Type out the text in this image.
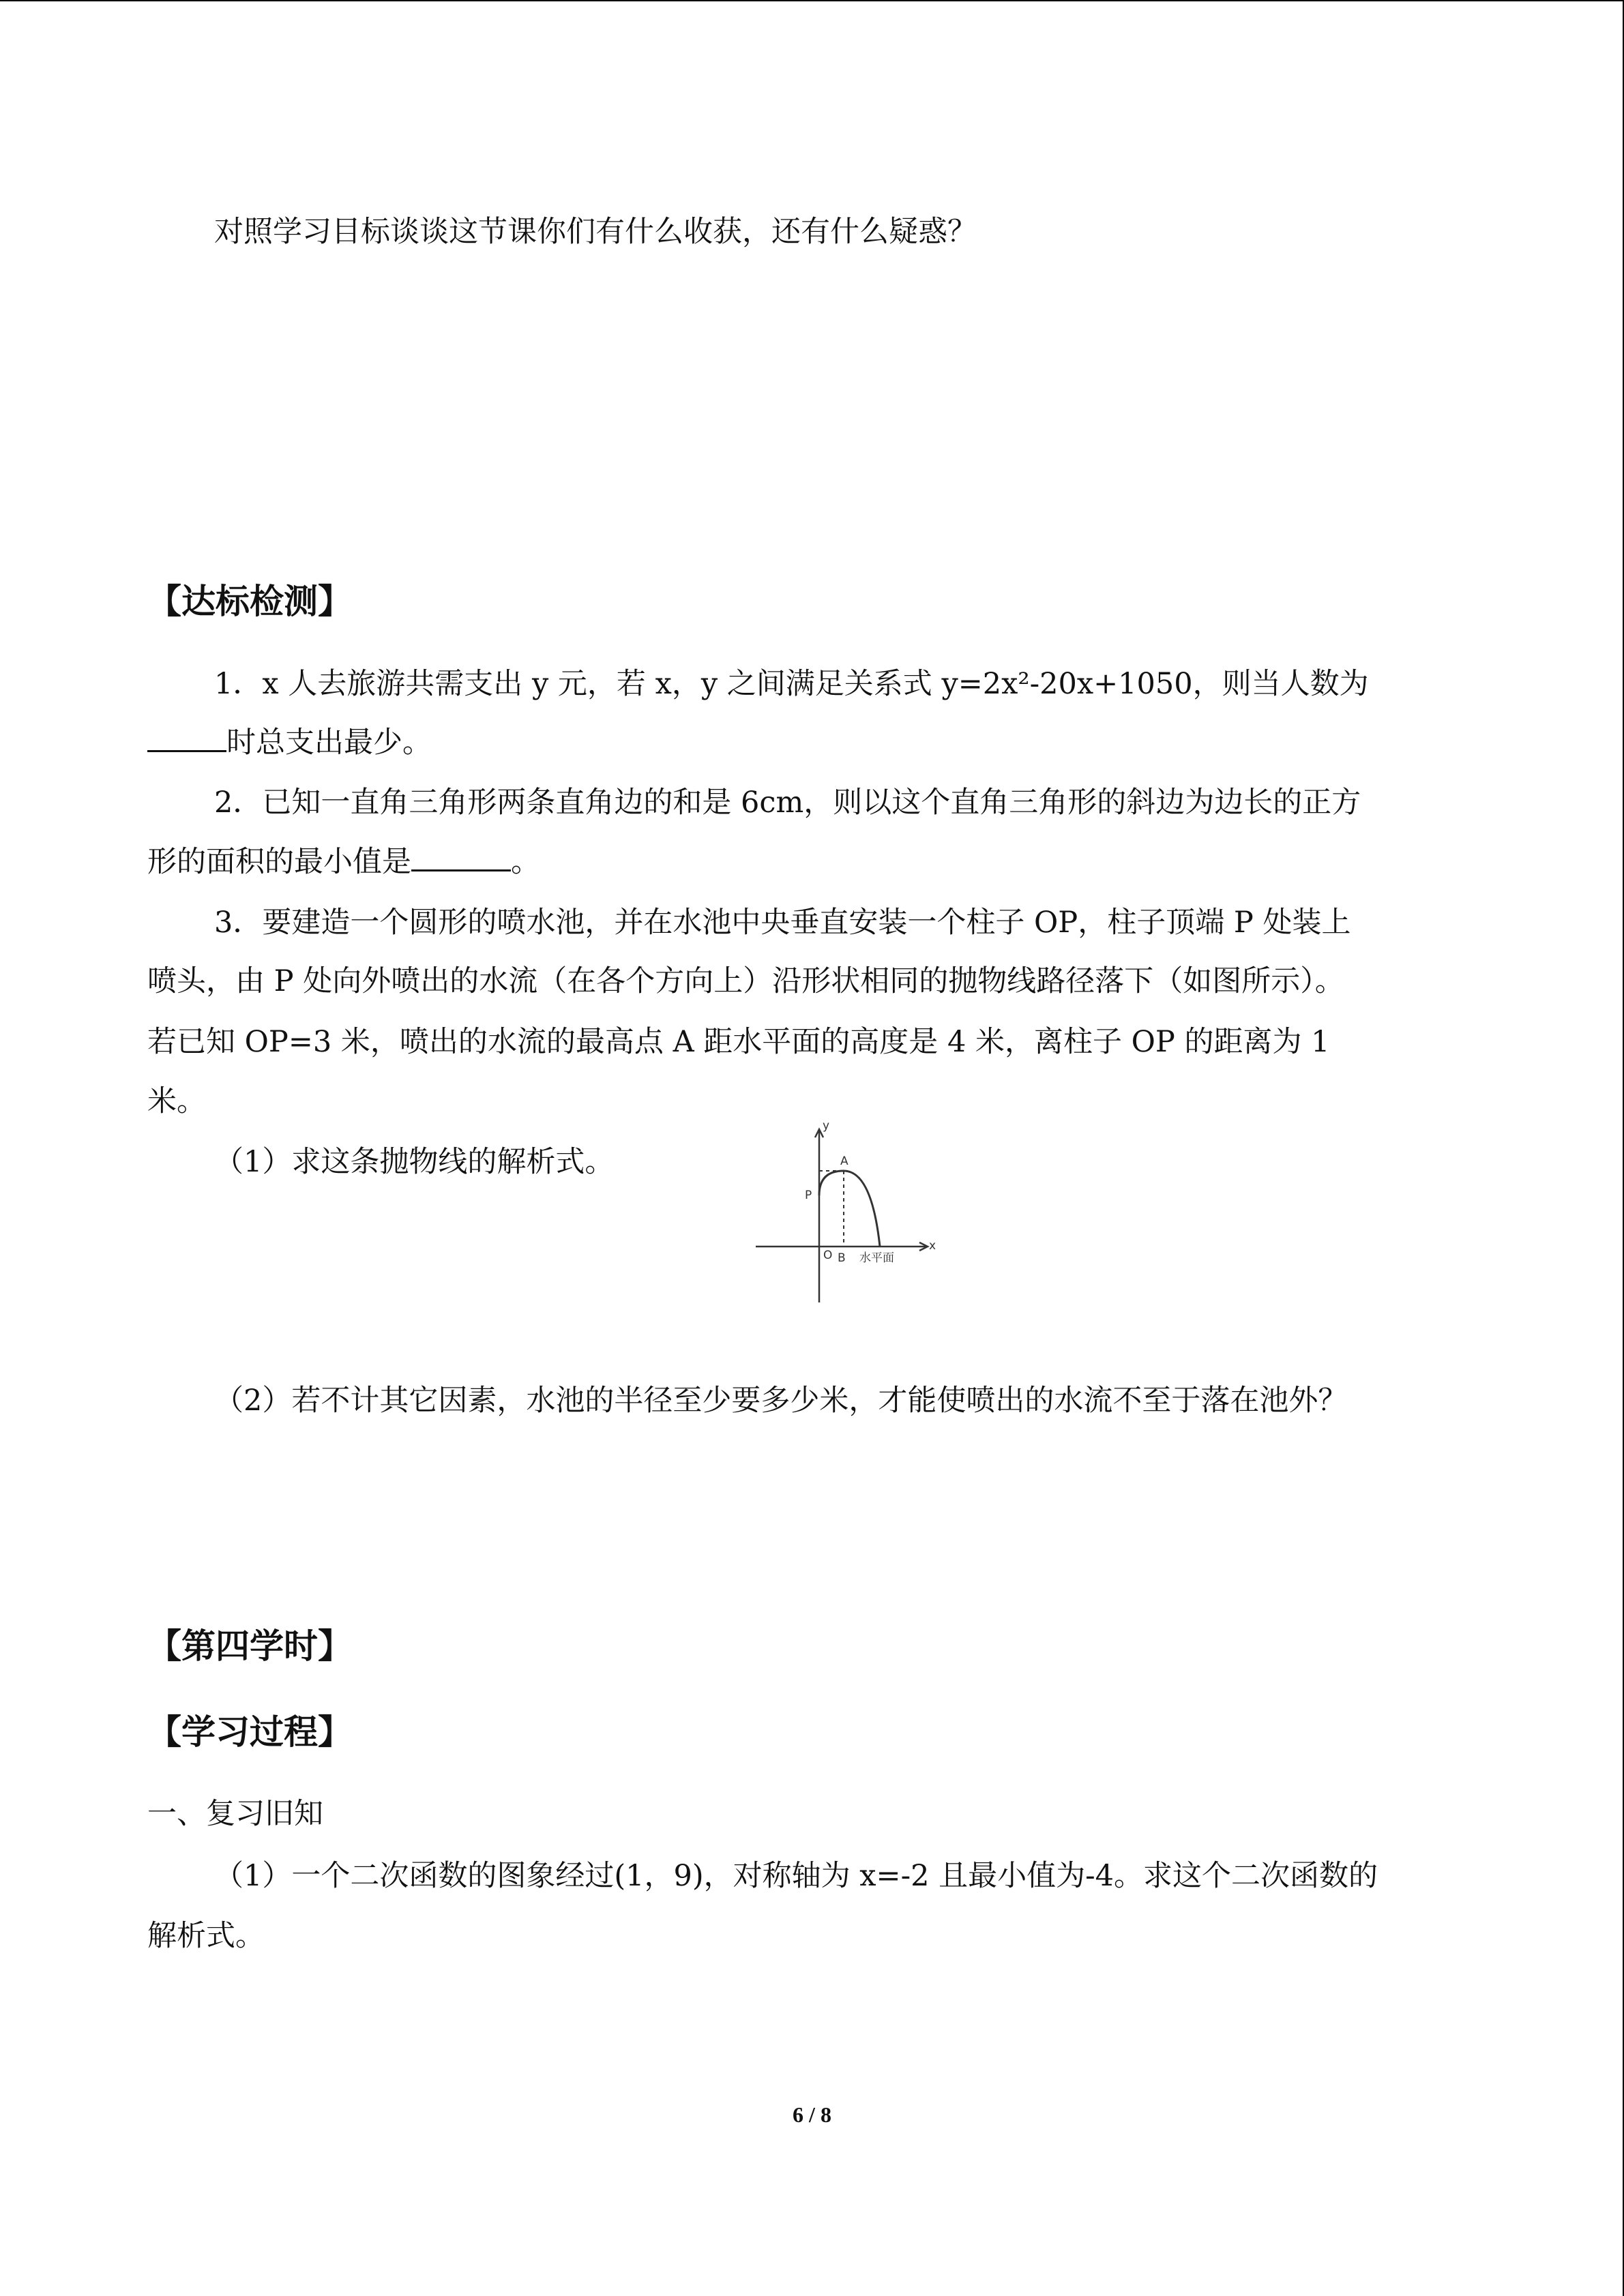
对照学习目标谈谈这节课你们有什么收获，还有什么疑惑？
【达标检测】
1．x 人去旅游共需支出 y 元，若 x，y 之间满足关系式 y=2x²-20x+1050，则当人数为
时总支出最少。
2．已知一直角三角形两条直角边的和是 6cm，则以这个直角三角形的斜边为边长的正方
形的面积的最小值是	。
3．要建造一个圆形的喷水池，并在水池中央垂直安装一个柱子 OP，柱子顶端 P 处装上
喷头，由 P 处向外喷出的水流（在各个方向上）沿形状相同的抛物线路径落下（如图所示）。
若已知 OP=3 米，喷出的水流的最高点 A 距水平面的高度是 4 米，离柱子 OP 的距离为 1
米。
（1）求这条抛物线的解析式。
y
x
A
P
O B 水平面
（2）若不计其它因素，水池的半径至少要多少米，才能使喷出的水流不至于落在池外？
【第四学时】
【学习过程】
一、复习旧知
（1）一个二次函数的图象经过(1，9)，对称轴为 x=-2 且最小值为-4。求这个二次函数的
解析式。
6 / 8
